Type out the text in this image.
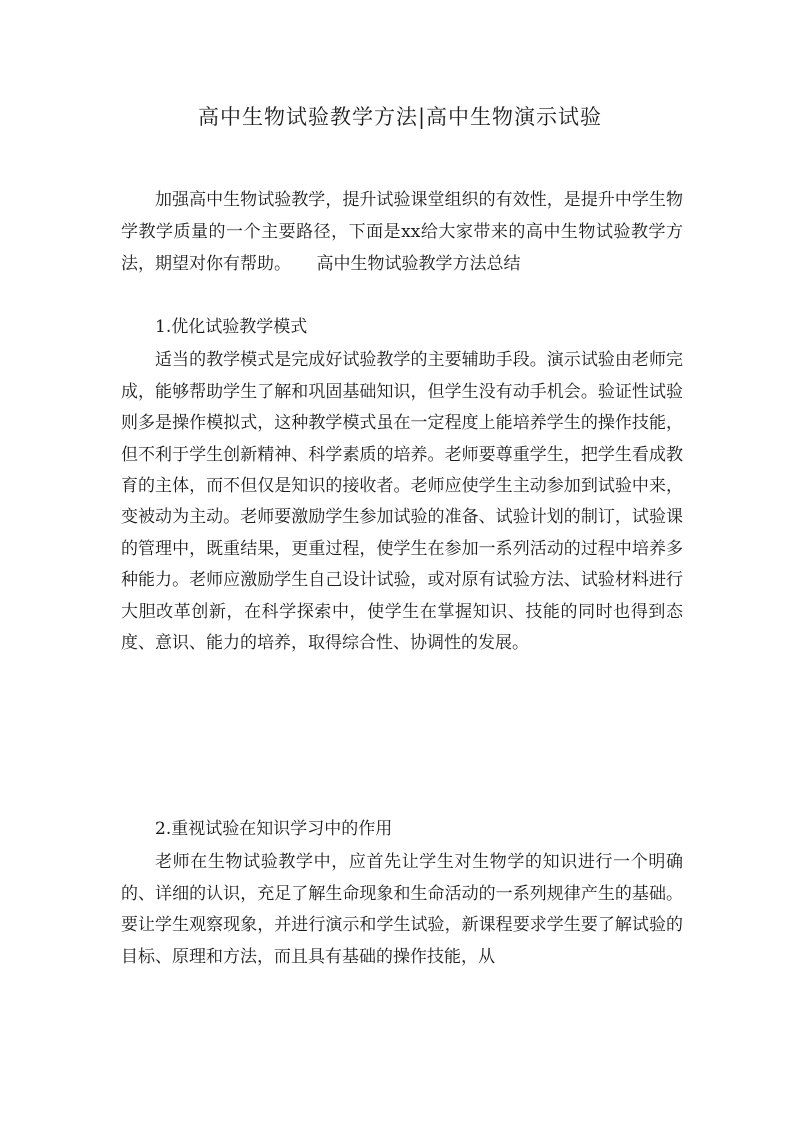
高中生物试验教学方法|高中生物演示试验

加强高中生物试验教学，提升试验课堂组织的有效性，是提升中学生物学教学质量的一个主要路径，下面是xx给大家带来的高中生物试验教学方法，期望对你有帮助。　　高中生物试验教学方法总结

1.优化试验教学模式

适当的教学模式是完成好试验教学的主要辅助手段。演示试验由老师完成，能够帮助学生了解和巩固基础知识，但学生没有动手机会。验证性试验则多是操作模拟式，这种教学模式虽在一定程度上能培养学生的操作技能，但不利于学生创新精神、科学素质的培养。老师要尊重学生，把学生看成教育的主体，而不但仅是知识的接收者。老师应使学生主动参加到试验中来，变被动为主动。老师要激励学生参加试验的准备、试验计划的制订，试验课的管理中，既重结果，更重过程，使学生在参加一系列活动的过程中培养多种能力。老师应激励学生自己设计试验，或对原有试验方法、试验材料进行大胆改革创新，在科学探索中，使学生在掌握知识、技能的同时也得到态度、意识、能力的培养，取得综合性、协调性的发展。

2.重视试验在知识学习中的作用

老师在生物试验教学中，应首先让学生对生物学的知识进行一个明确的、详细的认识，充足了解生命现象和生命活动的一系列规律产生的基础。要让学生观察现象，并进行演示和学生试验，新课程要求学生要了解试验的目标、原理和方法，而且具有基础的操作技能，从
